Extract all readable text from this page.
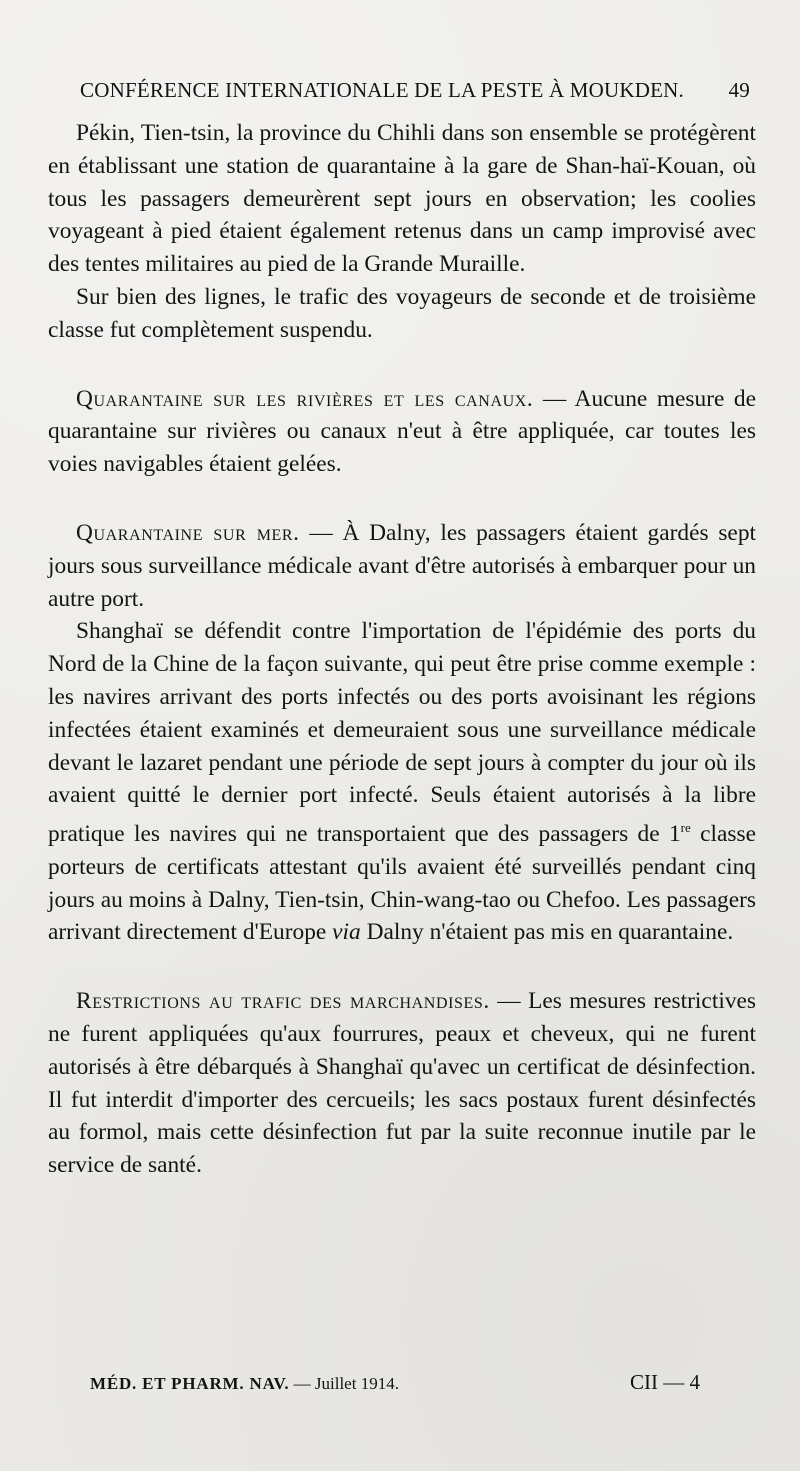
CONFÉRENCE INTERNATIONALE DE LA PESTE À MOUKDEN. 49

Pékin, Tien-tsin, la province du Chihli dans son ensemble se protégèrent en établissant une station de quarantaine à la gare de Shan-haï-Kouan, où tous les passagers demeurèrent sept jours en observation; les coolies voyageant à pied étaient également retenus dans un camp improvisé avec des tentes militaires au pied de la Grande Muraille.

Sur bien des lignes, le trafic des voyageurs de seconde et de troisième classe fut complètement suspendu.

Quarantaine sur les rivières et les canaux. — Aucune mesure de quarantaine sur rivières ou canaux n'eut à être appliquée, car toutes les voies navigables étaient gelées.

Quarantaine sur mer. — À Dalny, les passagers étaient gardés sept jours sous surveillance médicale avant d'être autorisés à embarquer pour un autre port.

Shanghaï se défendit contre l'importation de l'épidémie des ports du Nord de la Chine de la façon suivante, qui peut être prise comme exemple : les navires arrivant des ports infectés ou des ports avoisinant les régions infectées étaient examinés et demeuraient sous une surveillance médicale devant le lazaret pendant une période de sept jours à compter du jour où ils avaient quitté le dernier port infecté. Seuls étaient autorisés à la libre pratique les navires qui ne transportaient que des passagers de 1re classe porteurs de certificats attestant qu'ils avaient été surveillés pendant cinq jours au moins à Dalny, Tien-tsin, Chin-wang-tao ou Chefoo. Les passagers arrivant directement d'Europe via Dalny n'étaient pas mis en quarantaine.

Restrictions au trafic des marchandises. — Les mesures restrictives ne furent appliquées qu'aux fourrures, peaux et cheveux, qui ne furent autorisés à être débarqués à Shanghaï qu'avec un certificat de désinfection. Il fut interdit d'importer des cercueils; les sacs postaux furent désinfectés au formol, mais cette désinfection fut par la suite reconnue inutile par le service de santé.

MÉD. ET PHARM. NAV. — Juillet 1914.	CII — 4
